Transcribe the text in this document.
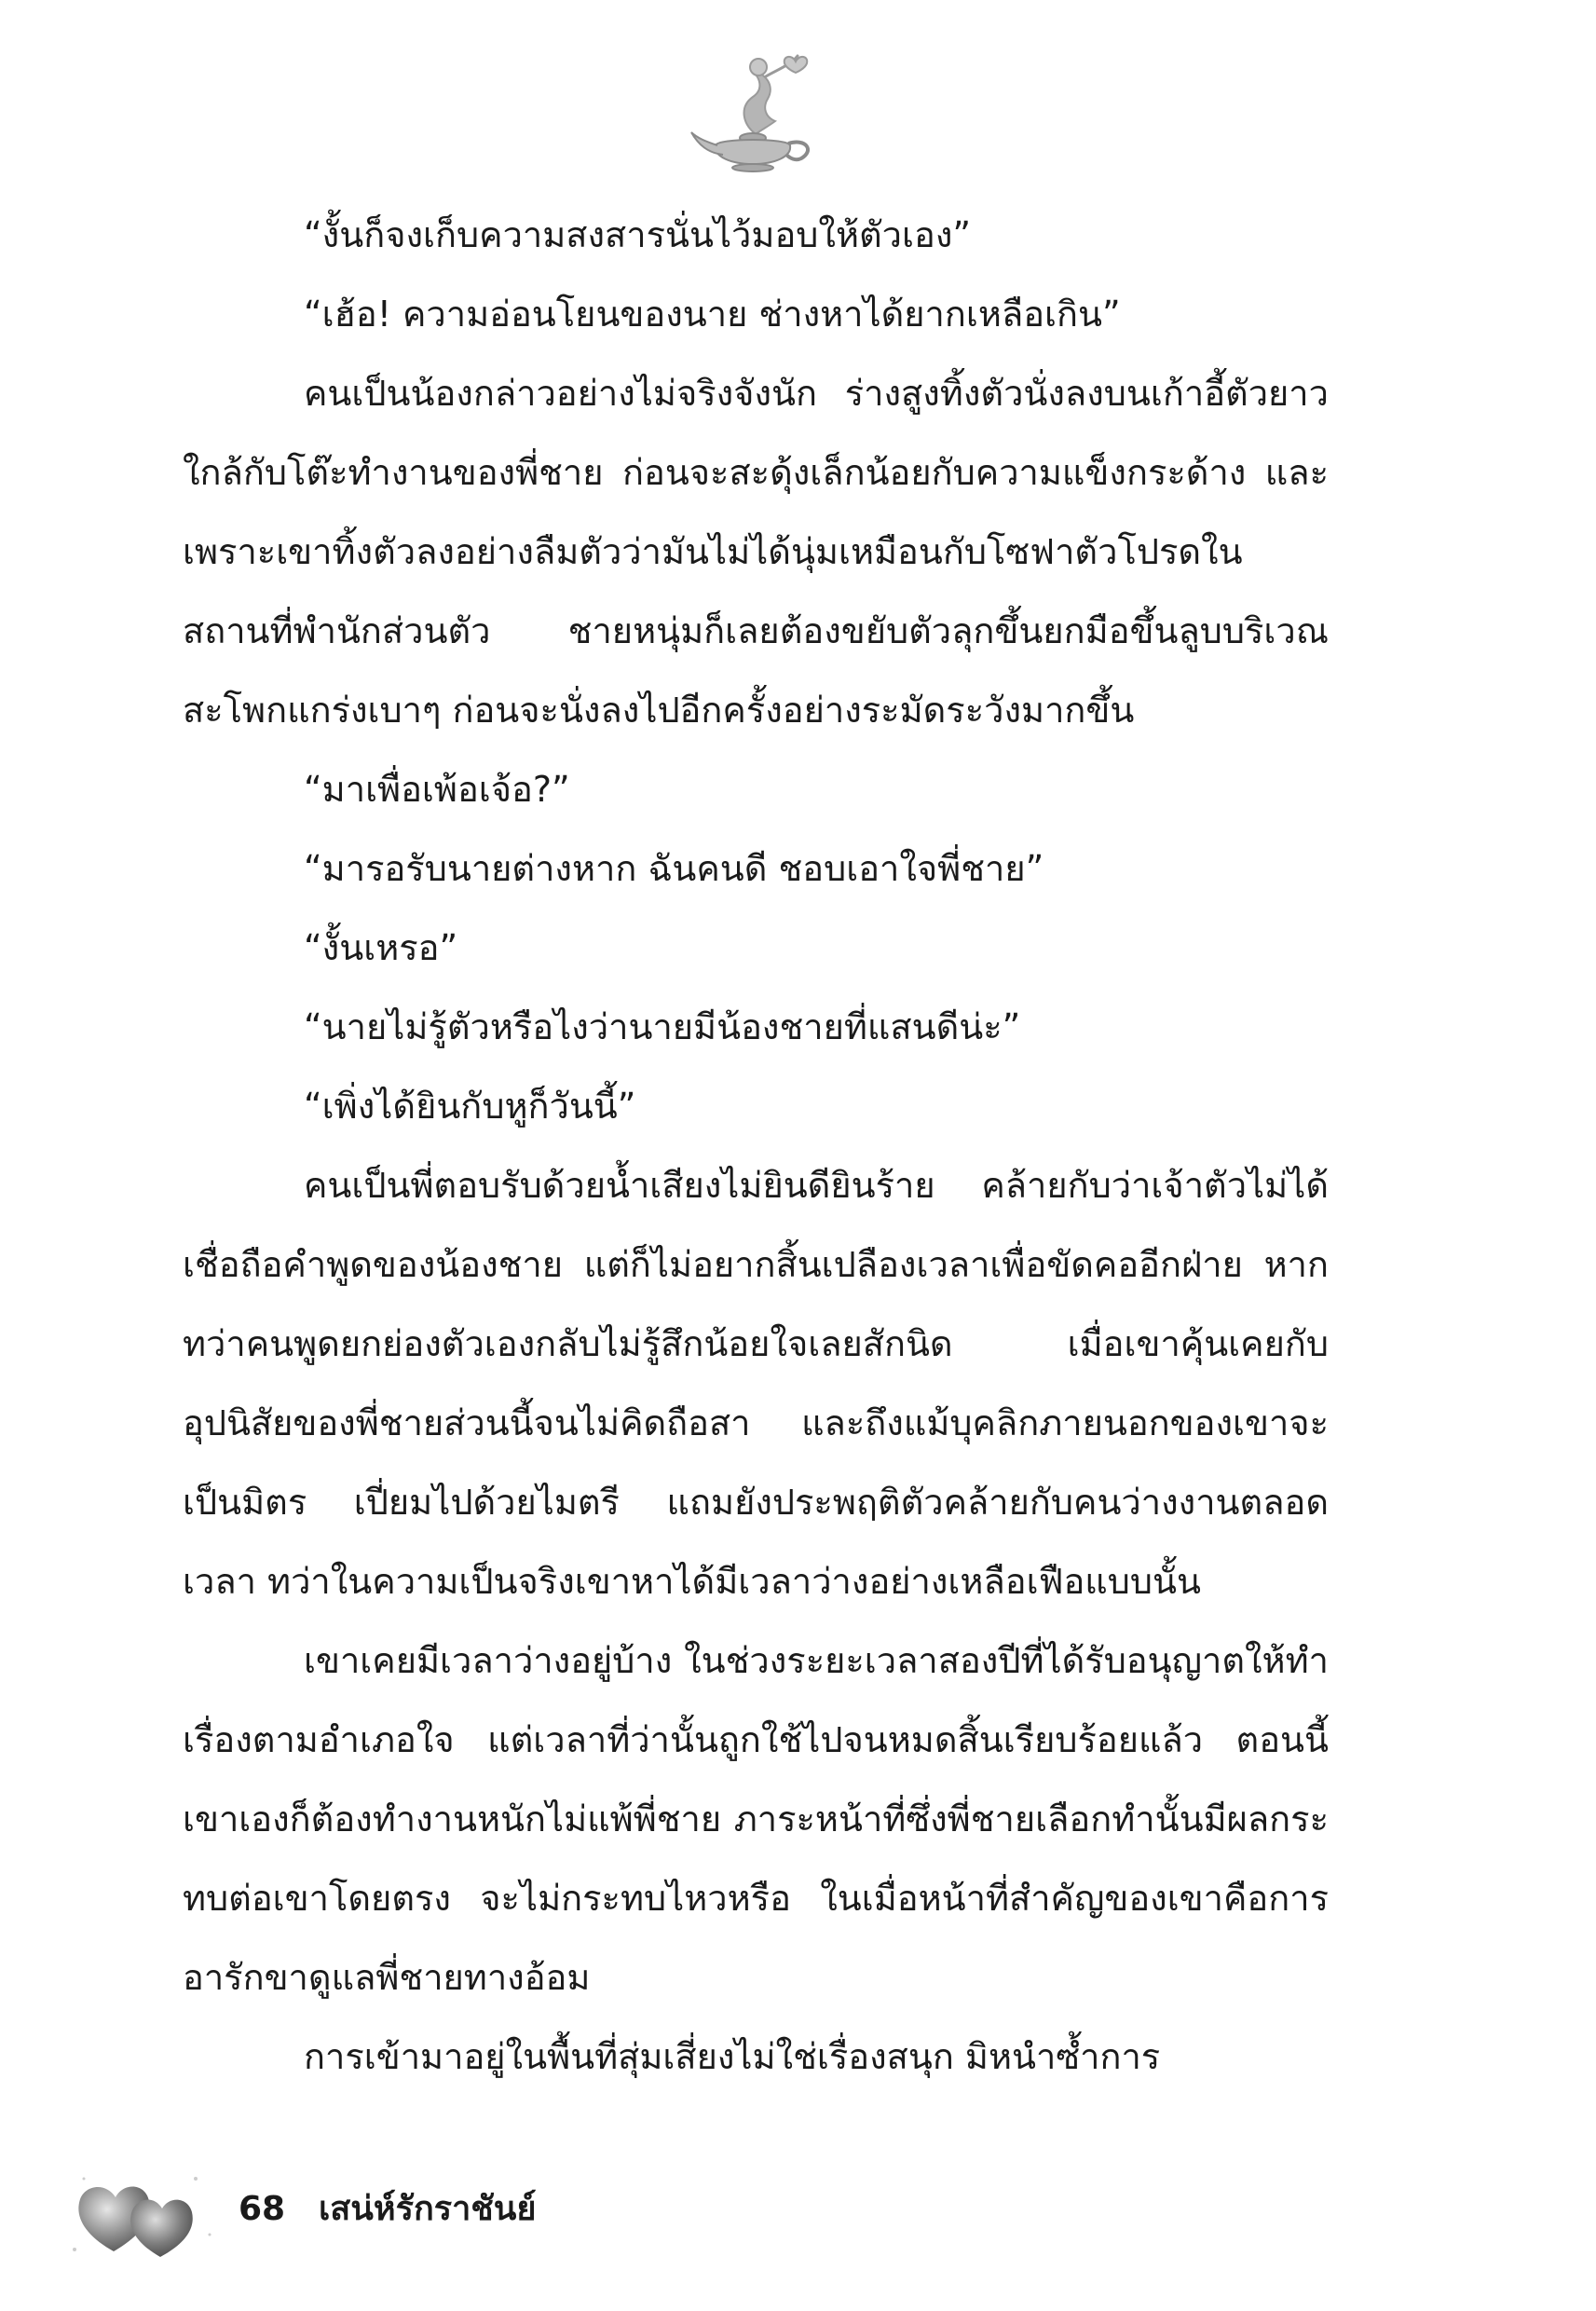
“งั้นก็จงเก็บความสงสารนั่นไว้มอบให้ตัวเอง”

“เฮ้อ! ความอ่อนโยนของนาย ช่างหาได้ยากเหลือเกิน”

คนเป็นน้องกล่าวอย่างไม่จริงจังนัก ร่างสูงทิ้งตัวนั่งลงบนเก้าอี้ตัวยาวใกล้กับโต๊ะทำงานของพี่ชาย ก่อนจะสะดุ้งเล็กน้อยกับความแข็งกระด้าง และเพราะเขาทิ้งตัวลงอย่างลืมตัวว่ามันไม่ได้นุ่มเหมือนกับโซฟาตัวโปรดในสถานที่พำนักส่วนตัว ชายหนุ่มก็เลยต้องขยับตัวลุกขึ้นยกมือขึ้นลูบบริเวณสะโพกแกร่งเบาๆ ก่อนจะนั่งลงไปอีกครั้งอย่างระมัดระวังมากขึ้น

“มาเพื่อเพ้อเจ้อ?”

“มารอรับนายต่างหาก ฉันคนดี ชอบเอาใจพี่ชาย”

“งั้นเหรอ”

“นายไม่รู้ตัวหรือไงว่านายมีน้องชายที่แสนดีน่ะ”

“เพิ่งได้ยินกับหูก็วันนี้”

คนเป็นพี่ตอบรับด้วยน้ำเสียงไม่ยินดียินร้าย คล้ายกับว่าเจ้าตัวไม่ได้เชื่อถือคำพูดของน้องชาย แต่ก็ไม่อยากสิ้นเปลืองเวลาเพื่อขัดคออีกฝ่าย หากทว่าคนพูดยกย่องตัวเองกลับไม่รู้สึกน้อยใจเลยสักนิด เมื่อเขาคุ้นเคยกับอุปนิสัยของพี่ชายส่วนนี้จนไม่คิดถือสา และถึงแม้บุคลิกภายนอกของเขาจะเป็นมิตร เปี่ยมไปด้วยไมตรี แถมยังประพฤติตัวคล้ายกับคนว่างงานตลอดเวลา ทว่าในความเป็นจริงเขาหาได้มีเวลาว่างอย่างเหลือเฟือแบบนั้น

เขาเคยมีเวลาว่างอยู่บ้าง ในช่วงระยะเวลาสองปีที่ได้รับอนุญาตให้ทำเรื่องตามอำเภอใจ แต่เวลาที่ว่านั้นถูกใช้ไปจนหมดสิ้นเรียบร้อยแล้ว ตอนนี้เขาเองก็ต้องทำงานหนักไม่แพ้พี่ชาย ภาระหน้าที่ซึ่งพี่ชายเลือกทำนั้นมีผลกระทบต่อเขาโดยตรง จะไม่กระทบไหวหรือ ในเมื่อหน้าที่สำคัญของเขาคือการอารักขาดูแลพี่ชายทางอ้อม

การเข้ามาอยู่ในพื้นที่สุ่มเสี่ยงไม่ใช่เรื่องสนุก มิหนำซ้ำการ

68 เสน่ห์รักราชันย์
